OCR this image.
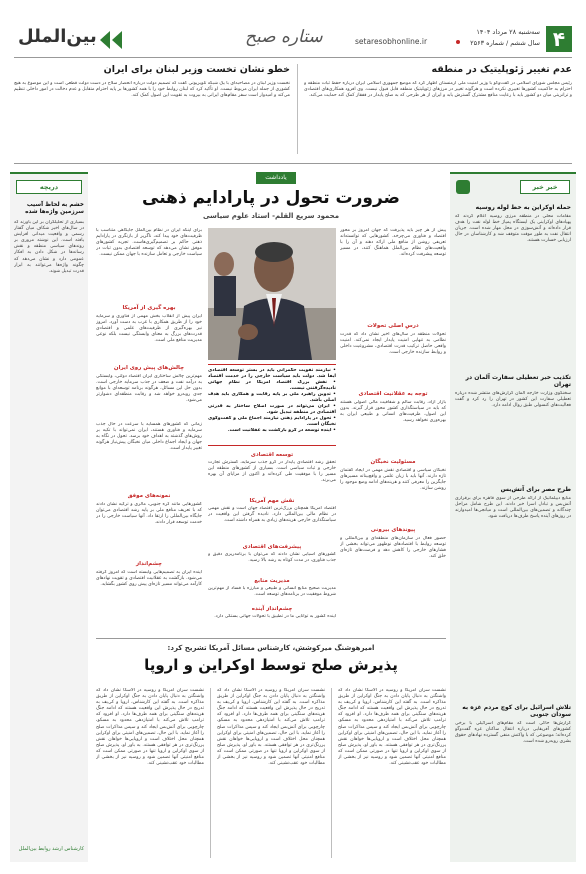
۴
سه‌شنبه ۲۸ مرداد ۱۴۰۴
سال ششم / شماره ۲۵۶۳
setaresobhonline.ir
ستاره صبح
بین‌الملل
عدم تغییر ژئوپلیتیک در منطقه
رئیس مجلس شورای اسلامی در گفت‌وگو با وزیر امنیت ملی ارمنستان اظهار کرد که موضع جمهوری اسلامی ایران درباره حفظ ثبات منطقه و احترام به حاکمیت کشورها تغییری نکرده است و هرگونه تغییر در مرزهای ژئوپلیتیک منطقه قابل قبول نیست. وی افزود همکاری‌های اقتصادی و ترانزیتی میان دو کشور باید با رعایت منافع مشترک گسترش یابد و ایران از هر طرحی که به صلح پایدار در قفقاز کمک کند حمایت می‌کند.
خطو نشان تخست وزیر لبنان برای ایران
نخست وزیر لبنان در مصاحبه‌ای با یک شبکه تلویزیونی گفت که تصمیم دولت درباره انحصار سلاح در دست دولت قطعی است و این موضوع به هیچ کشوری از جمله ایران مربوط نیست. او تأکید کرد که لبنان روابط خود را با همه کشورها بر پایه احترام متقابل و عدم دخالت در امور داخلی تنظیم می‌کند و امیدوار است سفر مقام‌های ایرانی به بیروت به تقویت این اصول کمک کند.
خبر خبر
حمله اوکراین به خط لوله روسیه
مقامات محلی در منطقه مرزی روسیه اعلام کردند که پهپادهای اوکراینی یک ایستگاه پمپاژ خط لوله نفت را هدف قرار داده‌اند و آتش‌سوزی در محل مهار شده است. جریان انتقال نفت به طور موقت متوقف شد و کارشناسان در حال ارزیابی خسارت هستند.
تکذیب خبر تعطیلی سفارت آلمان در تهران
سخنگوی وزارت خارجه آلمان گزارش‌های منتشر شده درباره تعطیلی سفارت این کشور در تهران را رد کرد و گفت فعالیت‌های کنسولی طبق روال ادامه دارد.
طرح مصر برای آتش‌بس
منابع دیپلماتیک از ارائه طرحی از سوی قاهره برای برقراری آتش‌بس و تبادل اسرا خبر دادند. این طرح شامل مراحل چندگانه و تضمین‌های بین‌المللی است و میانجی‌ها امیدوارند در روزهای آینده پاسخ طرف‌ها دریافت شود.
تلاش اسرائیل برای کوچ مردم غزه به سودان جنوبی
گزارش‌ها حاکی است که مقام‌های اسرائیلی با برخی کشورهای آفریقایی درباره انتقال ساکنان غزه گفت‌وگو کرده‌اند؛ موضوعی که با واکنش منفی گسترده نهادهای حقوق بشری روبه‌رو شده است.
دریچه
خشم به لحاظ آسیب سرزمین واژه‌ها شده
بسیاری از تحلیلگران بر این باورند که در سال‌های اخیر شکاف میان گفتار رسمی و واقعیت میدانی افزایش یافته است. این نوشته مروری بر روندهای سیاسی منطقه و نقش رسانه‌ها در شکل دادن به افکار عمومی دارد و نشان می‌دهد که چگونه واژه‌ها می‌توانند به ابزار قدرت تبدیل شوند.
کارشناس ارشد روابط بین‌الملل
یادداشت
ضرورت تحول در پارادایم ذهنی
محمود سریع القلم- استاد علوم سیاسی
پیش از هر چیز باید پذیرفت که جهان امروز بر محور اقتصاد و فناوری می‌چرخد. کشورهایی که توانسته‌اند تعریفی روشن از منافع ملی ارائه دهند و آن را با واقعیت‌های نظام بین‌الملل هماهنگ کنند، در مسیر توسعه پیشرفت کرده‌اند.
درسِ اصلی تحولات
تحولات منطقه در سال‌های اخیر نشان داد که قدرت نظامی به تنهایی امنیت پایدار ایجاد نمی‌کند. امنیت واقعی حاصل ترکیب قدرت اقتصادی، مشروعیت داخلی و روابط سازنده خارجی است.
توجه به عقلانیت اقتصادی
بازار آزاد، رقابت سالم و شفافیت مالی اصولی هستند که باید در سیاستگذاری کشور محور قرار گیرند. بدون این اصول، ظرفیت‌های انسانی و طبیعی ایران به بهره‌وری نخواهد رسید.
مسئولیت نخبگان
نخبگان سیاسی و اقتصادی نقش مهمی در ایجاد گفتمان تازه دارند. آنها باید با زبان علمی و واقع‌بینانه مسیرهای جایگزین را معرفی کنند و هزینه‌های ادامه وضع موجود را روشن سازند.
پیوندهای بیرونی
حضور فعال در سازمان‌های منطقه‌ای و بین‌المللی و توسعه روابط با اقتصادهای نوظهور می‌تواند بخشی از فشارهای خارجی را کاهش دهد و فرصت‌های تازه‌ای خلق کند.
برای اینکه ایران در نظام بین‌الملل جایگاهی متناسب با ظرفیت‌های خود پیدا کند، ناگزیر از بازنگری در پارادایم ذهنی حاکم بر تصمیم‌گیری‌هاست. تجربه کشورهای موفق نشان می‌دهد که توسعه اقتصادی بدون ثبات در سیاست خارجی و تعامل سازنده با جهان ممکن نیست.
بهره گیری از آمریکا
ایران پیش از انقلاب بخش مهمی از فناوری و سرمایه خود را از طریق همکاری با غرب به دست آورد. امروز نیز بهره‌گیری از ظرفیت‌های علمی و اقتصادی قدرت‌های بزرگ به معنای وابستگی نیست بلکه نوعی مدیریت منافع ملی است.
چالش‌های پیش روی ایران
مهم‌ترین چالش ساختاری ایران اقتصاد دولتی، وابستگی به درآمد نفت و ضعف در جذب سرمایه خارجی است. بدون حل این مسائل، هرگونه برنامه توسعه‌ای با موانع جدی روبه‌رو خواهد شد و رقابت منطقه‌ای دشوارتر می‌شود.
• نیازمند تقویت حکمرانی باید در بستر توسعه اقتصادی ایفا شد. دولت باید سیاست خارجی را در خدمت اقتصاد
• نقش بزرگ اقتصاد آمریکا در نظام جهانی نادیده‌گرفتنی نیست.
• تدوین راهبرد ملی بر پایه رقابت و همکاری باید هدف اصلی باشد.
• ایران می‌تواند در صورت اصلاح ساختار به قدرتی اقتصادی در منطقه تبدیل شود.
• تحول در پارادایم ذهنی نیازمند اجماع ملی و گفت‌وگوی نخبگان است.
• آینده توسعه در گرو بازگشت به عقلانیت است.
زمانی که کشورهای همسایه با سرعت در حال جذب سرمایه و فناوری هستند، ایران نمی‌تواند با تکیه بر روش‌های گذشته به اهداف خود برسد. تحول در نگاه به جهان و ایجاد اجماع داخلی میان نخبگان پیش‌نیاز هرگونه تغییر پایدار است.
نمونه‌های موفق
کشورهایی مانند کره جنوبی، مالزی و ترکیه نشان دادند که با تعریف منافع ملی بر پایه رشد اقتصادی می‌توان جایگاه بین‌المللی را ارتقا داد. آنها سیاست خارجی را در خدمت توسعه قرار دادند.
چشم‌انداز
آینده ایران به تصمیم‌هایی وابسته است که امروز گرفته می‌شود. بازگشت به عقلانیت اقتصادی و تقویت نهادهای کارآمد می‌تواند مسیر تازه‌ای پیش روی کشور بگشاید.
توسعه اقتصادی
تحقق رشد اقتصادی پایدار در گرو جذب سرمایه، گسترش تجارت خارجی و ثبات سیاسی است. بسیاری از کشورهای منطقه این مسیر را با موفقیت طی کرده‌اند و اکنون از مزایای آن بهره می‌برند.
نقش مهم آمریکا
اقتصاد آمریکا همچنان بزرگ‌ترین اقتصاد جهان است و نقش مهمی در نظام مالی بین‌المللی دارد. نادیده گرفتن این واقعیت در سیاستگذاری خارجی هزینه‌های زیادی به همراه داشته است.
پیشرفت‌های اقتصادی
کشورهای آسیایی نشان دادند که می‌توان با برنامه‌ریزی دقیق و جذب فناوری، در مدت کوتاه به رشد بالا رسید.
مدیریت منابع
مدیریت صحیح منابع انسانی و طبیعی و مبارزه با فساد از مهم‌ترین شروط موفقیت در برنامه‌های توسعه است.
چشم‌انداز آینده
آینده کشور به توانایی ما در تطبیق با تحولات جهانی بستگی دارد.
امیرهوشنگ میرکوشش، کارشناس مسائل آمریکا تشریح کرد:
پذیرش صلح توسط اوکراین و اروپا
نشست سران آمریکا و روسیه در آلاسکا نشان داد که واشنگتن به دنبال پایان دادن به جنگ اوکراین از طریق مذاکره است. به گفته این کارشناس، اروپا و کی‌یف به تدریج در حال پذیرش این واقعیت هستند که ادامه جنگ هزینه‌های سنگینی برای همه طرف‌ها دارد. او افزود که ترامپ تلاش می‌کند با امتیازدهی محدود به مسکو، چارچوبی برای آتش‌بس ایجاد کند و سپس مذاکرات صلح را آغاز نماید. با این حال، تضمین‌های امنیتی برای اوکراین همچنان محل اختلاف است و اروپایی‌ها خواهان نقش پررنگ‌تری در هر توافقی هستند. به باور او، پذیرش صلح از سوی اوکراین و اروپا تنها در صورتی ممکن است که منافع امنیتی آنها تضمین شود و روسیه نیز از بخشی از مطالبات خود عقب‌نشینی کند.
نشست سران آمریکا و روسیه در آلاسکا نشان داد که واشنگتن به دنبال پایان دادن به جنگ اوکراین از طریق مذاکره است. به گفته این کارشناس، اروپا و کی‌یف به تدریج در حال پذیرش این واقعیت هستند که ادامه جنگ هزینه‌های سنگینی برای همه طرف‌ها دارد. او افزود که ترامپ تلاش می‌کند با امتیازدهی محدود به مسکو، چارچوبی برای آتش‌بس ایجاد کند و سپس مذاکرات صلح را آغاز نماید. با این حال، تضمین‌های امنیتی برای اوکراین همچنان محل اختلاف است و اروپایی‌ها خواهان نقش پررنگ‌تری در هر توافقی هستند. به باور او، پذیرش صلح از سوی اوکراین و اروپا تنها در صورتی ممکن است که منافع امنیتی آنها تضمین شود و روسیه نیز از بخشی از مطالبات خود عقب‌نشینی کند.
نشست سران آمریکا و روسیه در آلاسکا نشان داد که واشنگتن به دنبال پایان دادن به جنگ اوکراین از طریق مذاکره است. به گفته این کارشناس، اروپا و کی‌یف به تدریج در حال پذیرش این واقعیت هستند که ادامه جنگ هزینه‌های سنگینی برای همه طرف‌ها دارد. او افزود که ترامپ تلاش می‌کند با امتیازدهی محدود به مسکو، چارچوبی برای آتش‌بس ایجاد کند و سپس مذاکرات صلح را آغاز نماید. با این حال، تضمین‌های امنیتی برای اوکراین همچنان محل اختلاف است و اروپایی‌ها خواهان نقش پررنگ‌تری در هر توافقی هستند. به باور او، پذیرش صلح از سوی اوکراین و اروپا تنها در صورتی ممکن است که منافع امنیتی آنها تضمین شود و روسیه نیز از بخشی از مطالبات خود عقب‌نشینی کند.
